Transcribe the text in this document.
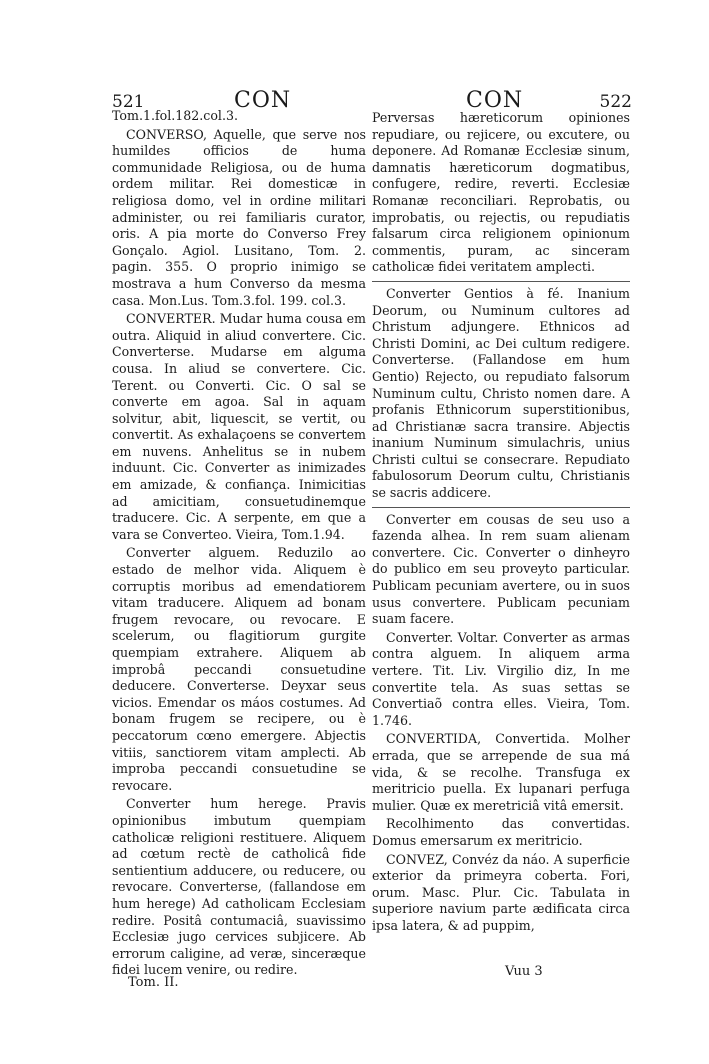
521	CON	CON	522

Tom.1.fol.182.col.3.

CONVERSO, Aquelle, que serve nos humildes officios de huma communidade Religiosa, ou de huma ordem militar. Rei domesticæ in religiosa domo, vel in ordine militari administer, ou rei familiaris curator, oris. A pia morte do Converso Frey Gonçalo. Agiol. Lusitano, Tom. 2. pagin. 355. O proprio inimigo se mostrava a hum Converso da mesma casa. Mon.Lus. Tom.3.fol. 199. col.3.

CONVERTER. Mudar huma cousa em outra. Aliquid in aliud convertere. Cic. Converterse. Mudarse em alguma cousa. In aliud se convertere. Cic. Terent. ou Converti. Cic. O sal se converte em agoa. Sal in aquam solvitur, abit, liquescit, se vertit, ou convertit. As exhalaçoens se convertem em nuvens. Anhelitus se in nubem induunt. Cic. Converter as inimizades em amizade, & confiança. Inimicitias ad amicitiam, consuetudinemque traducere. Cic. A serpente, em que a vara se Converteo. Vieira, Tom.1.94.

Converter alguem. Reduzilo ao estado de melhor vida. Aliquem è corruptis moribus ad emendatiorem vitam traducere. Aliquem ad bonam frugem revocare, ou revocare. E scelerum, ou flagitiorum gurgite quempiam extrahere. Aliquem ab improbâ peccandi consuetudine deducere. Converterse. Deyxar seus vicios. Emendar os máos costumes. Ad bonam frugem se recipere, ou è peccatorum cœno emergere. Abjectis vitiis, sanctiorem vitam amplecti. Ab improba peccandi consuetudine se revocare.

Converter hum herege. Pravis opinionibus imbutum quempiam catholicæ religioni restituere. Aliquem ad cœtum rectè de catholicâ fide sentientium adducere, ou reducere, ou revocare. Converterse, (fallandose em hum herege) Ad catholicam Ecclesiam redire. Positâ contumaciâ, suavissimo Ecclesiæ jugo cervices subjicere. Ab errorum caligine, ad veræ, sinceræque fidei lucem venire, ou redire.

Perversas hæreticorum opiniones repudiare, ou rejicere, ou excutere, ou deponere. Ad Romanæ Ecclesiæ sinum, damnatis hæreticorum dogmatibus, confugere, redire, reverti. Ecclesiæ Romanæ reconciliari. Reprobatis, ou improbatis, ou rejectis, ou repudiatis falsarum circa religionem opinionum commentis, puram, ac sinceram catholicæ fidei veritatem amplecti.

Converter Gentios à fé. Inanium Deorum, ou Numinum cultores ad Christum adjungere. Ethnicos ad Christi Domini, ac Dei cultum redigere. Converterse. (Fallandose em hum Gentio) Rejecto, ou repudiato falsorum Numinum cultu, Christo nomen dare. A profanis Ethnicorum superstitionibus, ad Christianæ sacra transire. Abjectis inanium Numinum simulachris, unius Christi cultui se consecrare. Repudiato fabulosorum Deorum cultu, Christianis se sacris addicere.

Converter em cousas de seu uso a fazenda alhea. In rem suam alienam convertere. Cic. Converter o dinheyro do publico em seu proveyto particular. Publicam pecuniam avertere, ou in suos usus convertere. Publicam pecuniam suam facere.

Converter. Voltar. Converter as armas contra alguem. In aliquem arma vertere. Tit. Liv. Virgilio diz, In me convertite tela. As suas settas se Convertiaõ contra elles. Vieira, Tom. 1.746.

CONVERTIDA, Convertida. Molher errada, que se arrepende de sua má vida, & se recolhe. Transfuga ex meritricio puella. Ex lupanari perfuga mulier. Quæ ex meretriciâ vitâ emersit.

Recolhimento das convertidas. Domus emersarum ex meritricio.

CONVEZ, Convéz da náo. A superficie exterior da primeyra coberta. Fori, orum. Masc. Plur. Cic. Tabulata in superiore navium parte ædificata circa ipsa latera, & ad puppim,

Tom. II.
Vuu 3
